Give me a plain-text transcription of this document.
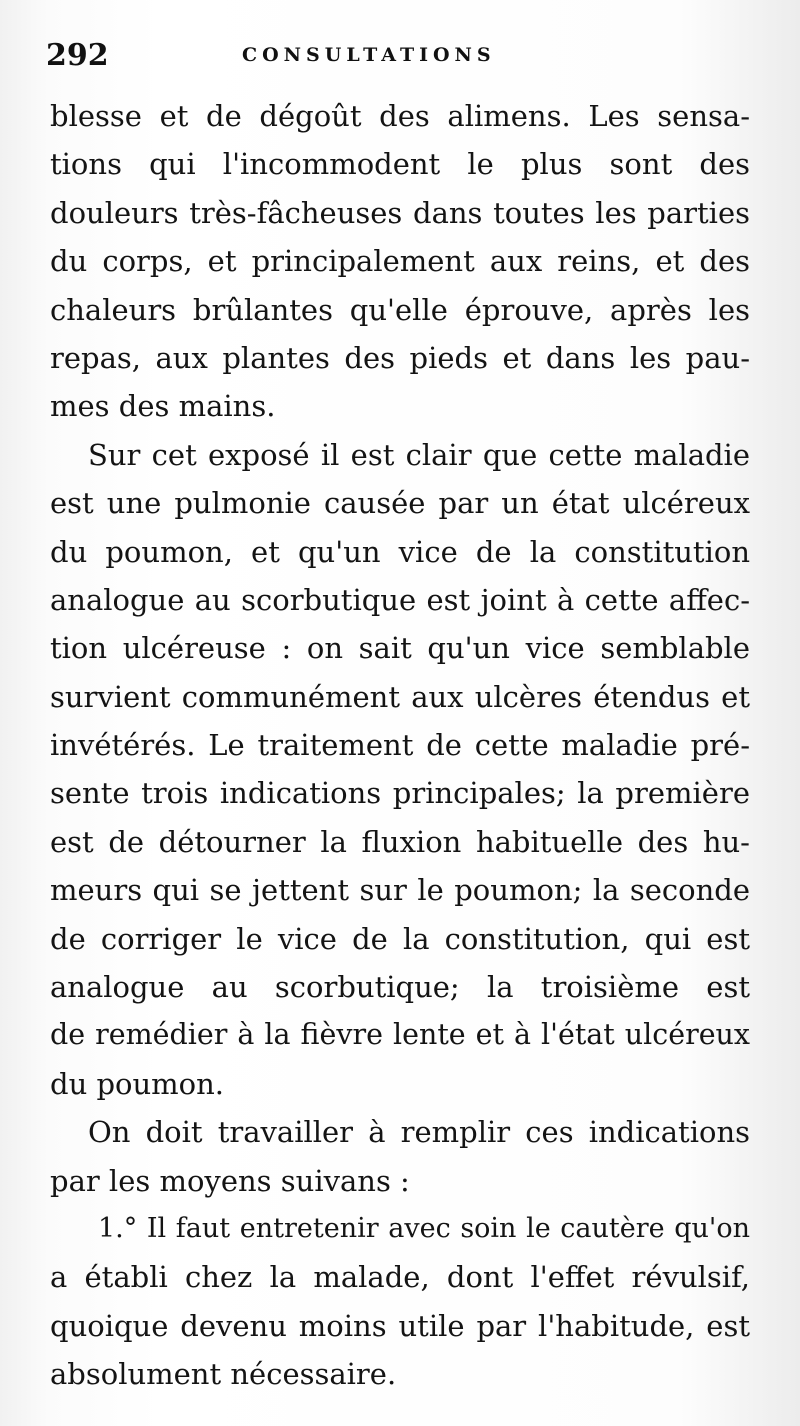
292	CONSULTATIONS
blesse et de dégoût des alimens. Les sensa-
tions qui l'incommodent le plus sont des
douleurs très-fâcheuses dans toutes les parties
du corps, et principalement aux reins, et des
chaleurs brûlantes qu'elle éprouve, après les
repas, aux plantes des pieds et dans les pau-
mes des mains.
Sur cet exposé il est clair que cette maladie
est une pulmonie causée par un état ulcéreux
du poumon, et qu'un vice de la constitution
analogue au scorbutique est joint à cette affec-
tion ulcéreuse : on sait qu'un vice semblable
survient communément aux ulcères étendus et
invétérés. Le traitement de cette maladie pré-
sente trois indications principales; la première
est de détourner la fluxion habituelle des hu-
meurs qui se jettent sur le poumon; la seconde
de corriger le vice de la constitution, qui est
analogue au scorbutique; la troisième est
de remédier à la fièvre lente et à l'état ulcéreux
du poumon.
On doit travailler à remplir ces indications
par les moyens suivans :
1.° Il faut entretenir avec soin le cautère qu'on
a établi chez la malade, dont l'effet révulsif,
quoique devenu moins utile par l'habitude, est
absolument nécessaire.
